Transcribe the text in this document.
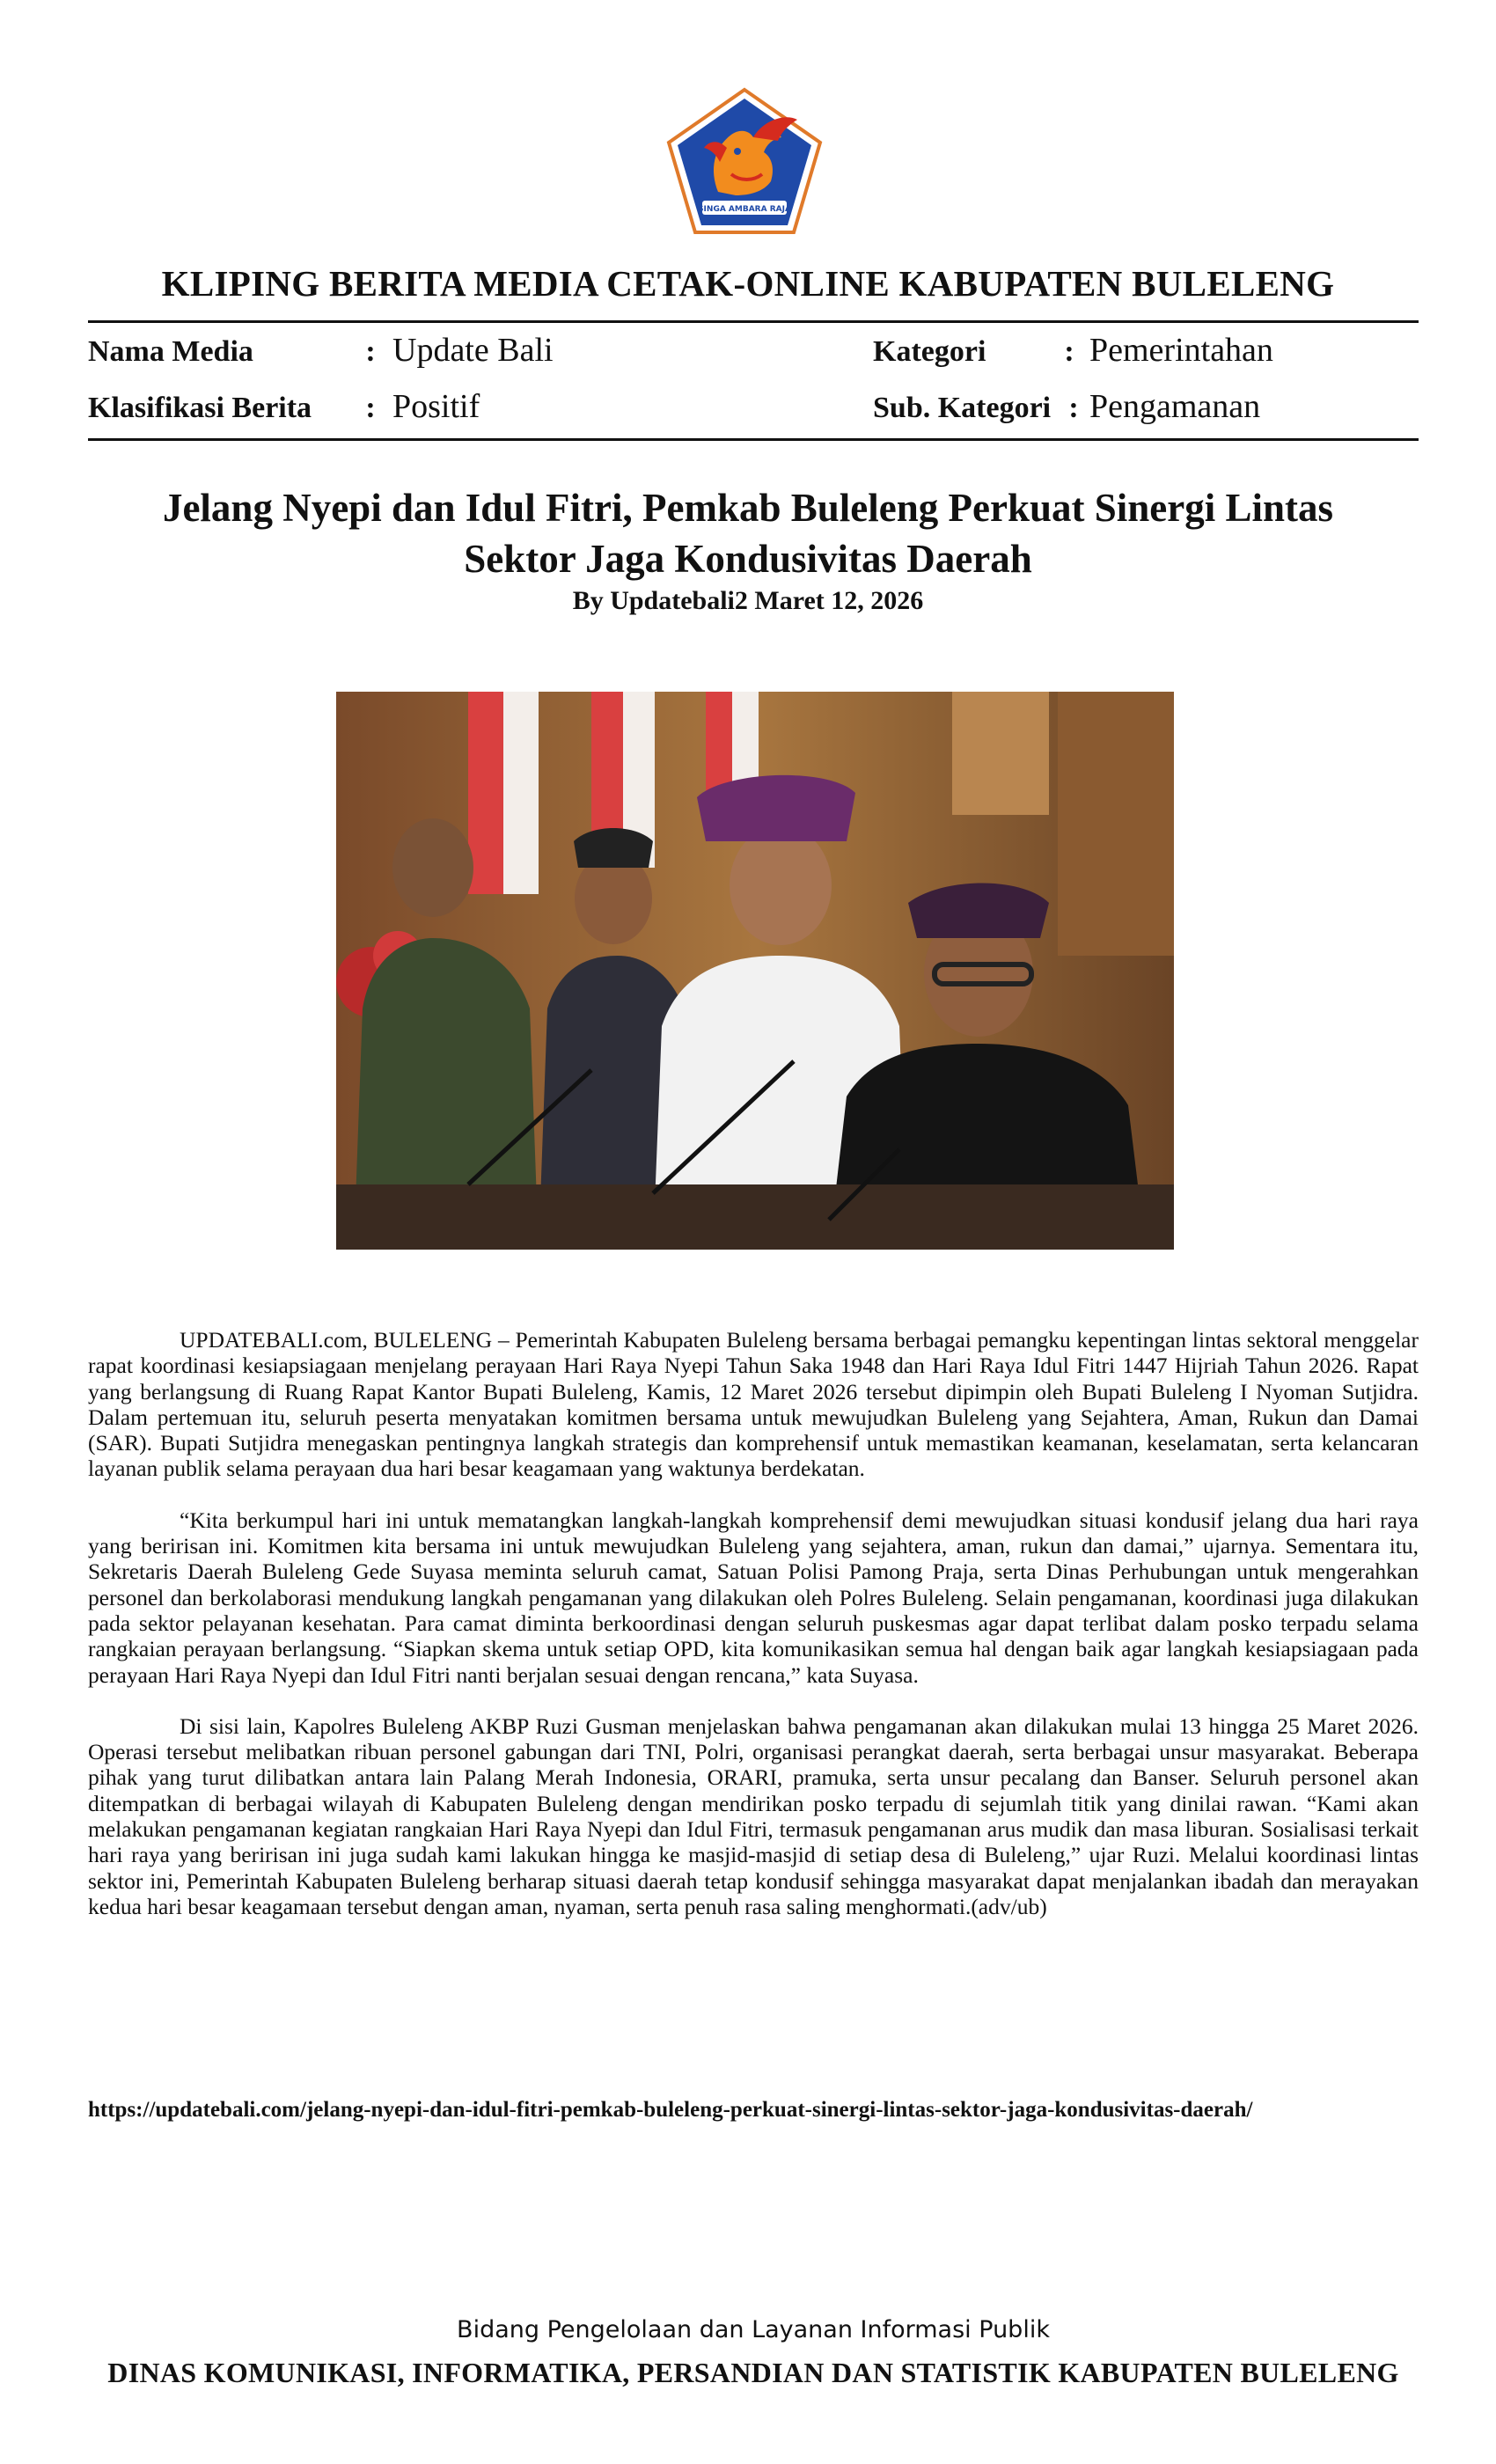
SINGA AMBARA RAJA
KLIPING BERITA MEDIA CETAK-ONLINE KABUPATEN BULELENG
Nama Media	: Update Bali
Klasifikasi Berita	: Positif
Kategori	: Pemerintahan
Sub. Kategori : Pengamanan
Jelang Nyepi dan Idul Fitri, Pemkab Buleleng Perkuat Sinergi Lintas Sektor Jaga Kondusivitas Daerah
By Updatebali2 Maret 12, 2026

UPDATEBALI.com, BULELENG – Pemerintah Kabupaten Buleleng bersama berbagai pemangku kepentingan lintas sektoral menggelar rapat koordinasi kesiapsiagaan menjelang perayaan Hari Raya Nyepi Tahun Saka 1948 dan Hari Raya Idul Fitri 1447 Hijriah Tahun 2026. Rapat yang berlangsung di Ruang Rapat Kantor Bupati Buleleng, Kamis, 12 Maret 2026 tersebut dipimpin oleh Bupati Buleleng I Nyoman Sutjidra. Dalam pertemuan itu, seluruh peserta menyatakan komitmen bersama untuk mewujudkan Buleleng yang Sejahtera, Aman, Rukun dan Damai (SAR). Bupati Sutjidra menegaskan pentingnya langkah strategis dan komprehensif untuk memastikan keamanan, keselamatan, serta kelancaran layanan publik selama perayaan dua hari besar keagamaan yang waktunya berdekatan.

“Kita berkumpul hari ini untuk mematangkan langkah-langkah komprehensif demi mewujudkan situasi kondusif jelang dua hari raya yang beririsan ini. Komitmen kita bersama ini untuk mewujudkan Buleleng yang sejahtera, aman, rukun dan damai,” ujarnya. Sementara itu, Sekretaris Daerah Buleleng Gede Suyasa meminta seluruh camat, Satuan Polisi Pamong Praja, serta Dinas Perhubungan untuk mengerahkan personel dan berkolaborasi mendukung langkah pengamanan yang dilakukan oleh Polres Buleleng. Selain pengamanan, koordinasi juga dilakukan pada sektor pelayanan kesehatan. Para camat diminta berkoordinasi dengan seluruh puskesmas agar dapat terlibat dalam posko terpadu selama rangkaian perayaan berlangsung. “Siapkan skema untuk setiap OPD, kita komunikasikan semua hal dengan baik agar langkah kesiapsiagaan pada perayaan Hari Raya Nyepi dan Idul Fitri nanti berjalan sesuai dengan rencana,” kata Suyasa.

Di sisi lain, Kapolres Buleleng AKBP Ruzi Gusman menjelaskan bahwa pengamanan akan dilakukan mulai 13 hingga 25 Maret 2026. Operasi tersebut melibatkan ribuan personel gabungan dari TNI, Polri, organisasi perangkat daerah, serta berbagai unsur masyarakat. Beberapa pihak yang turut dilibatkan antara lain Palang Merah Indonesia, ORARI, pramuka, serta unsur pecalang dan Banser. Seluruh personel akan ditempatkan di berbagai wilayah di Kabupaten Buleleng dengan mendirikan posko terpadu di sejumlah titik yang dinilai rawan. “Kami akan melakukan pengamanan kegiatan rangkaian Hari Raya Nyepi dan Idul Fitri, termasuk pengamanan arus mudik dan masa liburan. Sosialisasi terkait hari raya yang beririsan ini juga sudah kami lakukan hingga ke masjid-masjid di setiap desa di Buleleng,” ujar Ruzi. Melalui koordinasi lintas sektor ini, Pemerintah Kabupaten Buleleng berharap situasi daerah tetap kondusif sehingga masyarakat dapat menjalankan ibadah dan merayakan kedua hari besar keagamaan tersebut dengan aman, nyaman, serta penuh rasa saling menghormati.(adv/ub)

https://updatebali.com/jelang-nyepi-dan-idul-fitri-pemkab-buleleng-perkuat-sinergi-lintas-sektor-jaga-kondusivitas-daerah/
Bidang Pengelolaan dan Layanan Informasi Publik
DINAS KOMUNIKASI, INFORMATIKA, PERSANDIAN DAN STATISTIK KABUPATEN BULELENG
